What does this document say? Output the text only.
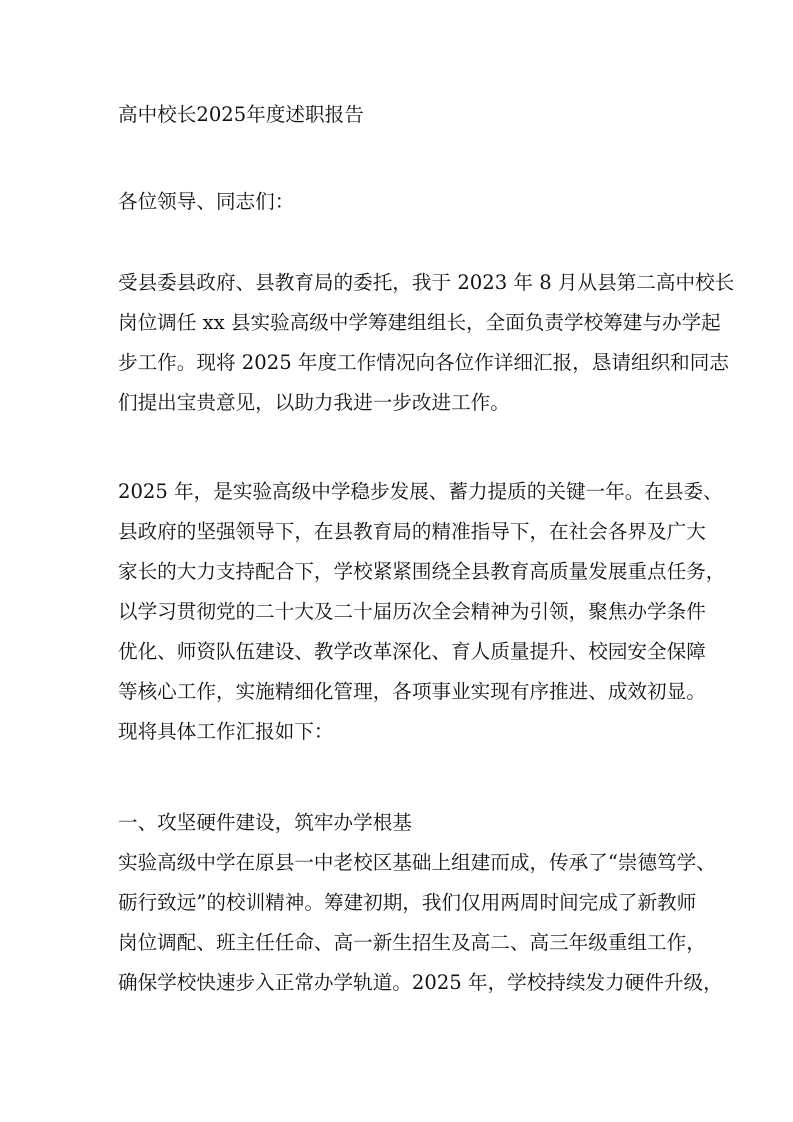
高中校长2025年度述职报告
各位领导、同志们：
受县委县政府、县教育局的委托，我于 2023 年 8 月从县第二高中校长
岗位调任 xx 县实验高级中学筹建组组长，全面负责学校筹建与办学起
步工作。现将 2025 年度工作情况向各位作详细汇报，恳请组织和同志
们提出宝贵意见，以助力我进一步改进工作。
2025 年，是实验高级中学稳步发展、蓄力提质的关键一年。在县委、
县政府的坚强领导下，在县教育局的精准指导下，在社会各界及广大
家长的大力支持配合下，学校紧紧围绕全县教育高质量发展重点任务，
以学习贯彻党的二十大及二十届历次全会精神为引领，聚焦办学条件
优化、师资队伍建设、教学改革深化、育人质量提升、校园安全保障
等核心工作，实施精细化管理，各项事业实现有序推进、成效初显。
现将具体工作汇报如下：
一、攻坚硬件建设，筑牢办学根基
实验高级中学在原县一中老校区基础上组建而成，传承了“崇德笃学、
砺行致远”的校训精神。筹建初期，我们仅用两周时间完成了新教师
岗位调配、班主任任命、高一新生招生及高二、高三年级重组工作，
确保学校快速步入正常办学轨道。2025 年，学校持续发力硬件升级，
